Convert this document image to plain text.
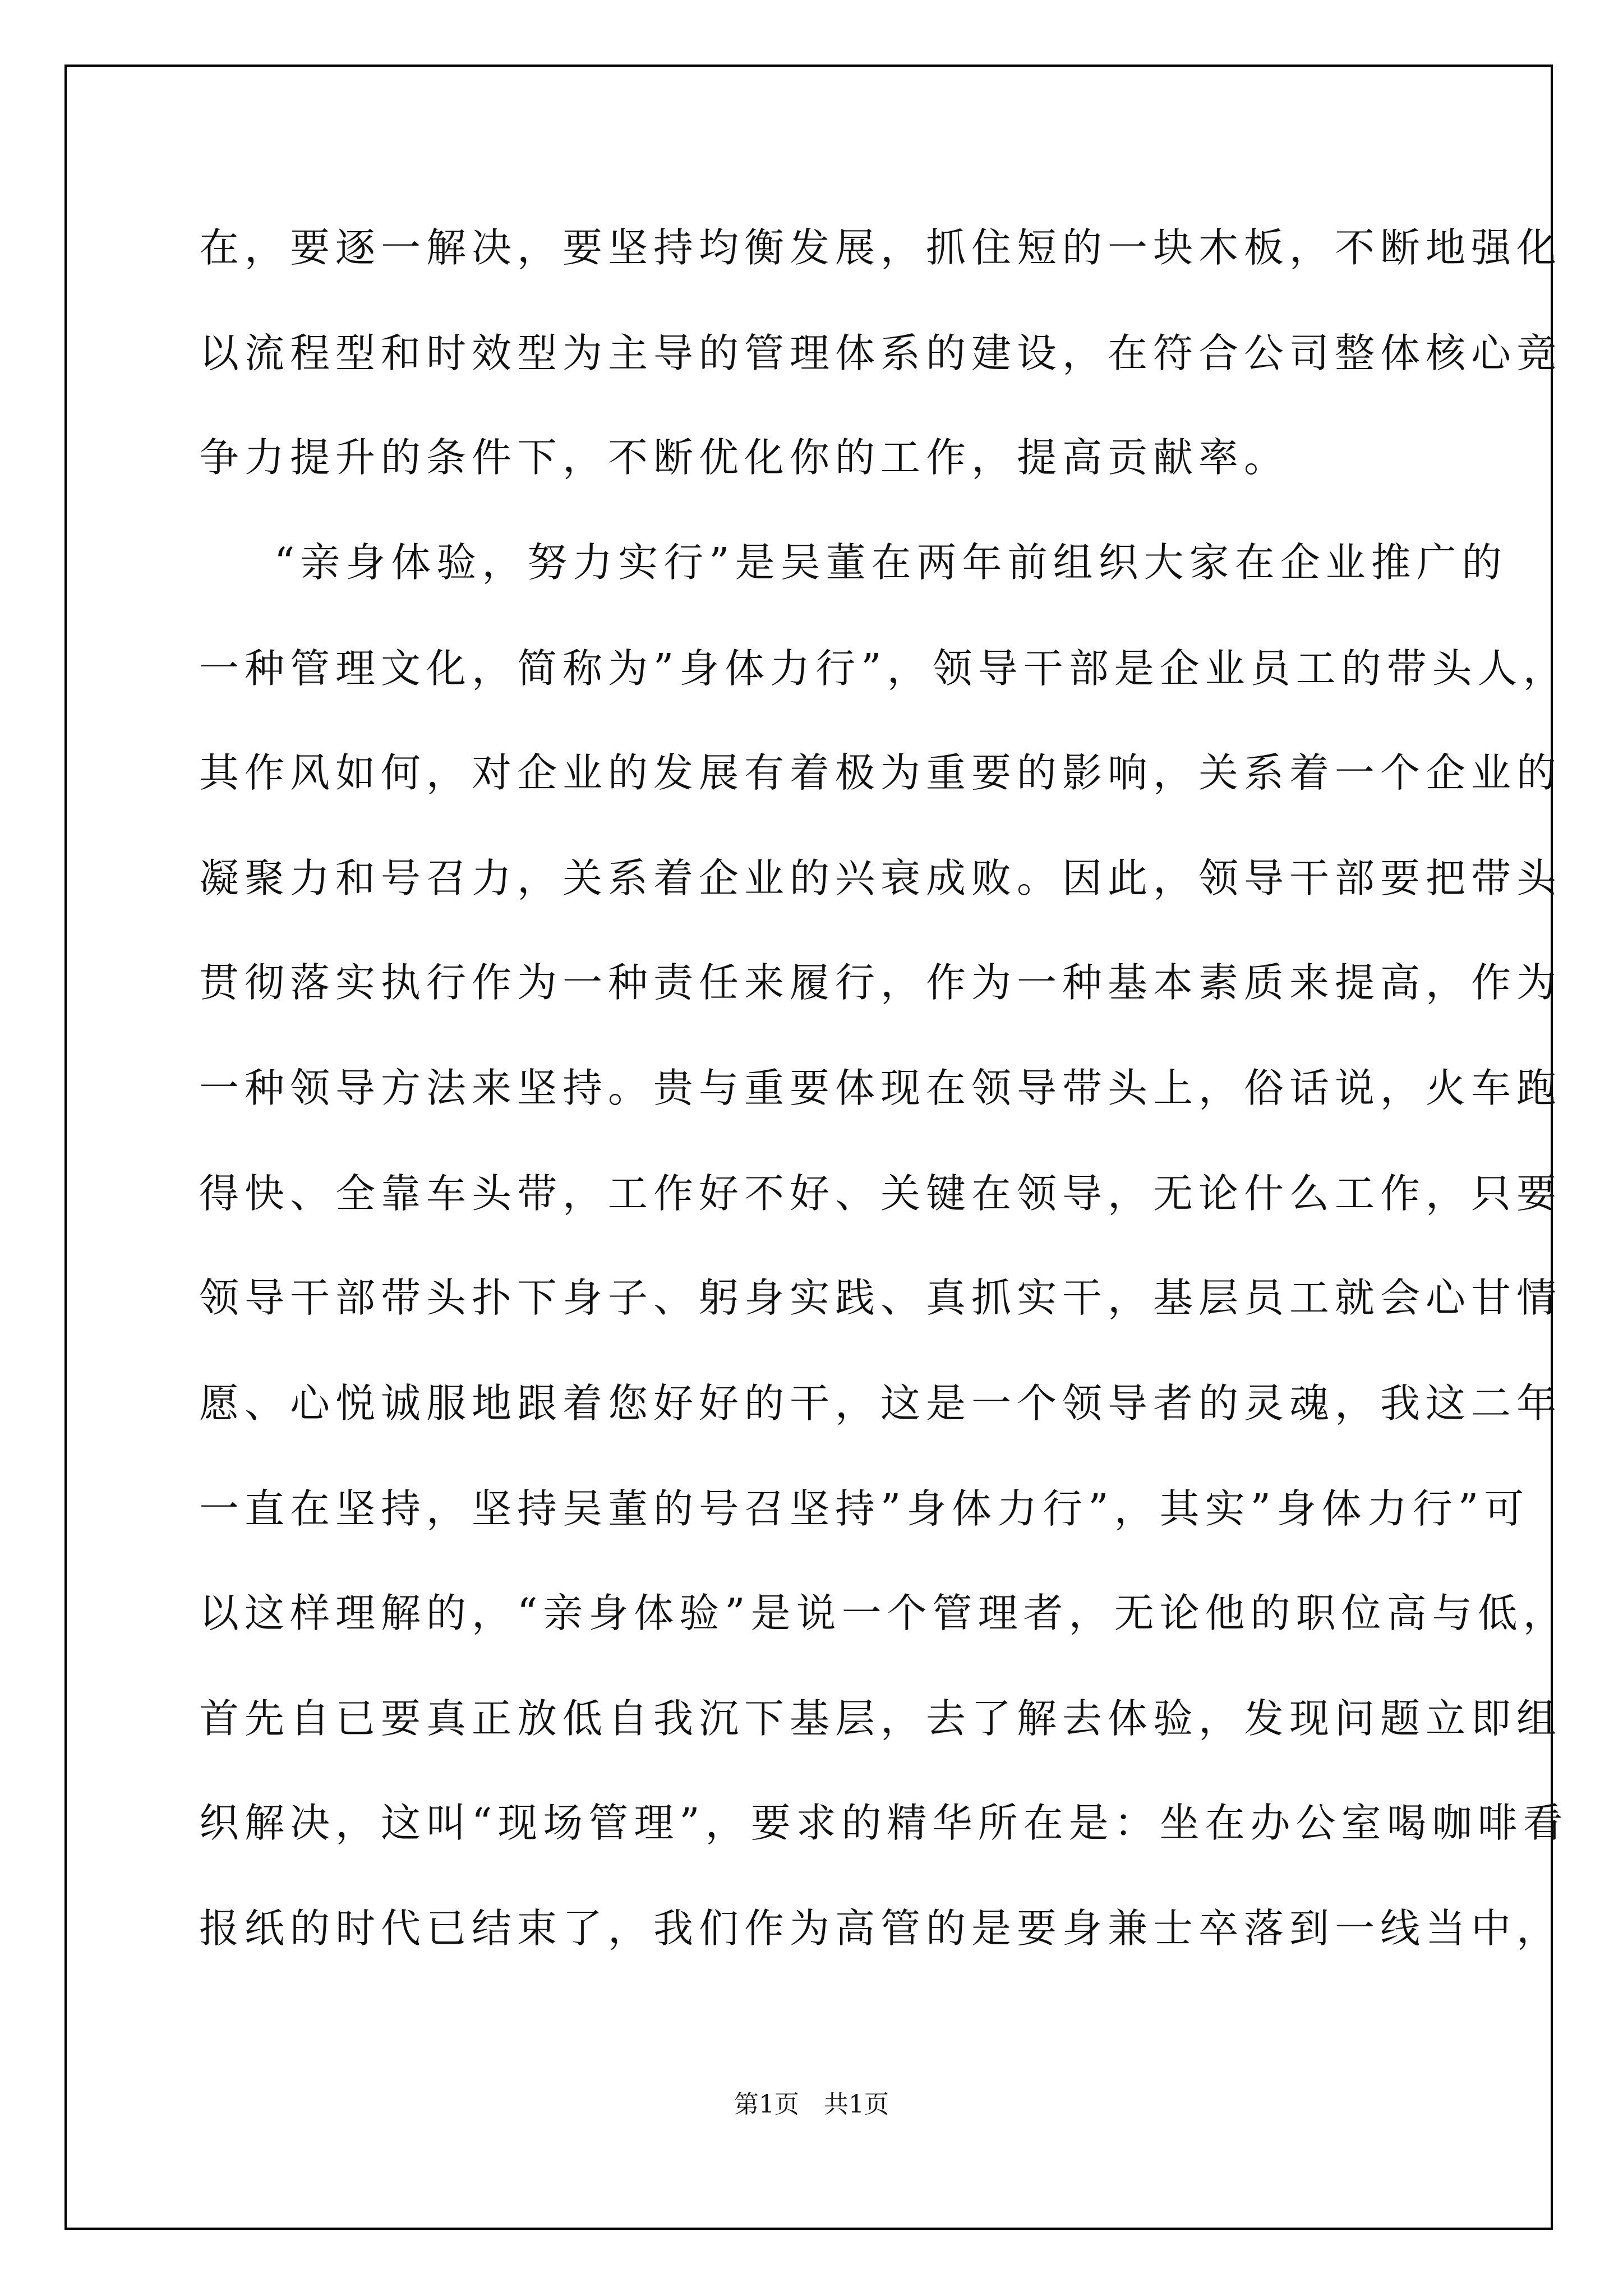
在，要逐一解决，要坚持均衡发展，抓住短的一块木板，不断地强化
以流程型和时效型为主导的管理体系的建设，在符合公司整体核心竞
争力提升的条件下，不断优化你的工作，提高贡献率。
“亲身体验，努力实行”是吴董在两年前组织大家在企业推广的
一种管理文化，简称为”身体力行”，领导干部是企业员工的带头人，
其作风如何，对企业的发展有着极为重要的影响，关系着一个企业的
凝聚力和号召力，关系着企业的兴衰成败。因此，领导干部要把带头
贯彻落实执行作为一种责任来履行，作为一种基本素质来提高，作为
一种领导方法来坚持。贵与重要体现在领导带头上，俗话说，火车跑
得快、全靠车头带，工作好不好、关键在领导，无论什么工作，只要
领导干部带头扑下身子、躬身实践、真抓实干，基层员工就会心甘情
愿、心悦诚服地跟着您好好的干，这是一个领导者的灵魂，我这二年
一直在坚持，坚持吴董的号召坚持”身体力行”，其实”身体力行”可
以这样理解的，“亲身体验”是说一个管理者，无论他的职位高与低，
首先自已要真正放低自我沉下基层，去了解去体验，发现问题立即组
织解决，这叫“现场管理”，要求的精华所在是：坐在办公室喝咖啡看
报纸的时代已结束了，我们作为高管的是要身兼士卒落到一线当中，
第1页　共1页
